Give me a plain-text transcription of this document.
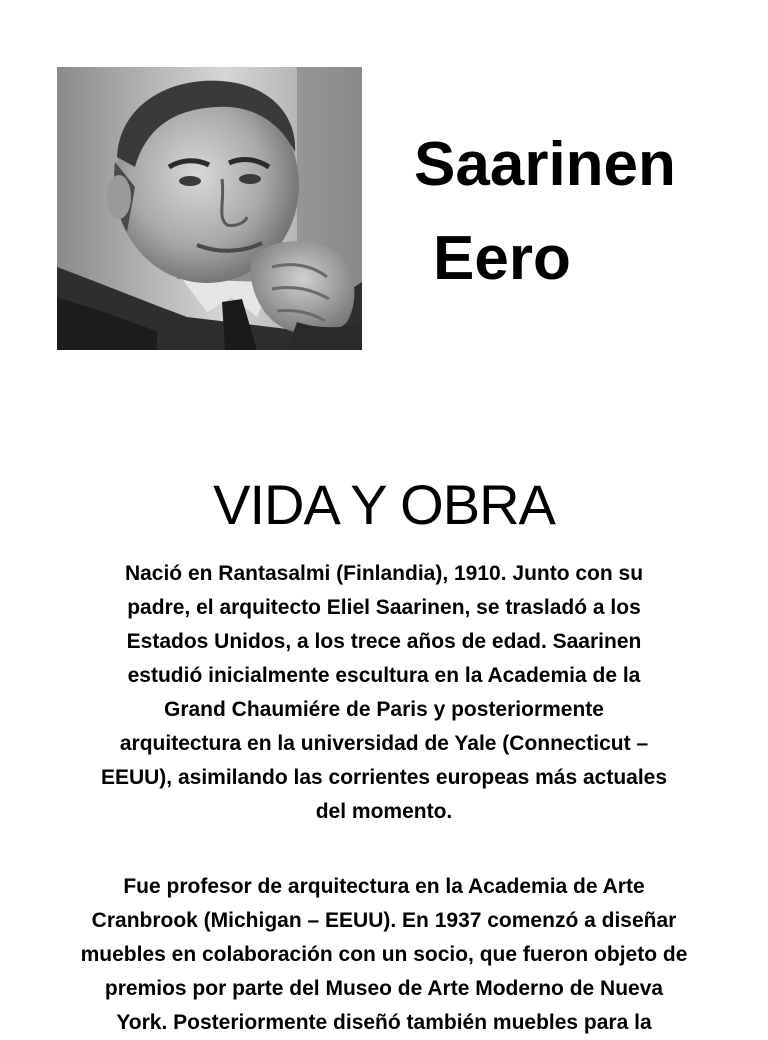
Saarinen
Eero
VIDA Y OBRA

Nació en Rantasalmi (Finlandia), 1910. Junto con su
padre, el arquitecto Eliel Saarinen, se trasladó a los
Estados Unidos, a los trece años de edad. Saarinen
estudió inicialmente escultura en la Academia de la
Grand Chaumiére de Paris y posteriormente
arquitectura en la universidad de Yale (Connecticut –
EEUU), asimilando las corrientes europeas más actuales
del momento.

Fue profesor de arquitectura en la Academia de Arte
Cranbrook (Michigan – EEUU). En 1937 comenzó a diseñar
muebles en colaboración con un socio, que fueron objeto de
premios por parte del Museo de Arte Moderno de Nueva
York. Posteriormente diseñó también muebles para la
